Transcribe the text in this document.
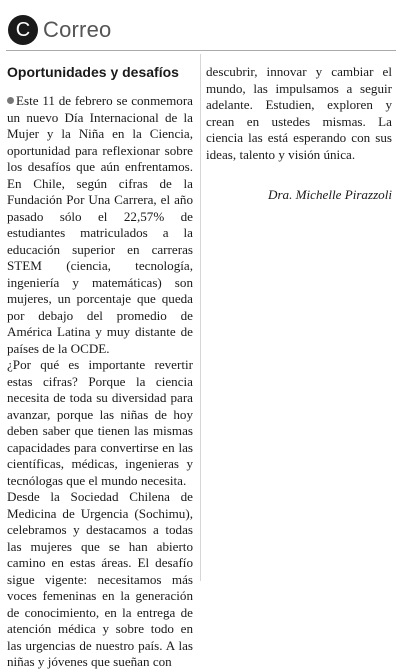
C Correo
Oportunidades y desafíos

Este 11 de febrero se conmemora un nuevo Día Internacional de la Mujer y la Niña en la Ciencia, oportunidad para reflexionar sobre los desafíos que aún enfrentamos. En Chile, según cifras de la Fundación Por Una Carrera, el año pasado sólo el 22,57% de estudiantes matriculados a la educación superior en carreras STEM (ciencia, tecnología, ingeniería y matemáticas) son mujeres, un porcentaje que queda por debajo del promedio de América Latina y muy distante de países de la OCDE.

¿Por qué es importante revertir estas cifras? Porque la ciencia necesita de toda su diversidad para avanzar, porque las niñas de hoy deben saber que tienen las mismas capacidades para convertirse en las científicas, médicas, ingenieras y tecnólogas que el mundo necesita.

Desde la Sociedad Chilena de Medicina de Urgencia (Sochimu), celebramos y destacamos a todas las mujeres que se han abierto camino en estas áreas. El desafío sigue vigente: necesitamos más voces femeninas en la generación de conocimiento, en la entrega de atención médica y sobre todo en las urgencias de nuestro país. A las niñas y jóvenes que sueñan con

descubrir, innovar y cambiar el mundo, las impulsamos a seguir adelante. Estudien, exploren y crean en ustedes mismas. La ciencia las está esperando con sus ideas, talento y visión única.

Dra. Michelle Pirazzoli
